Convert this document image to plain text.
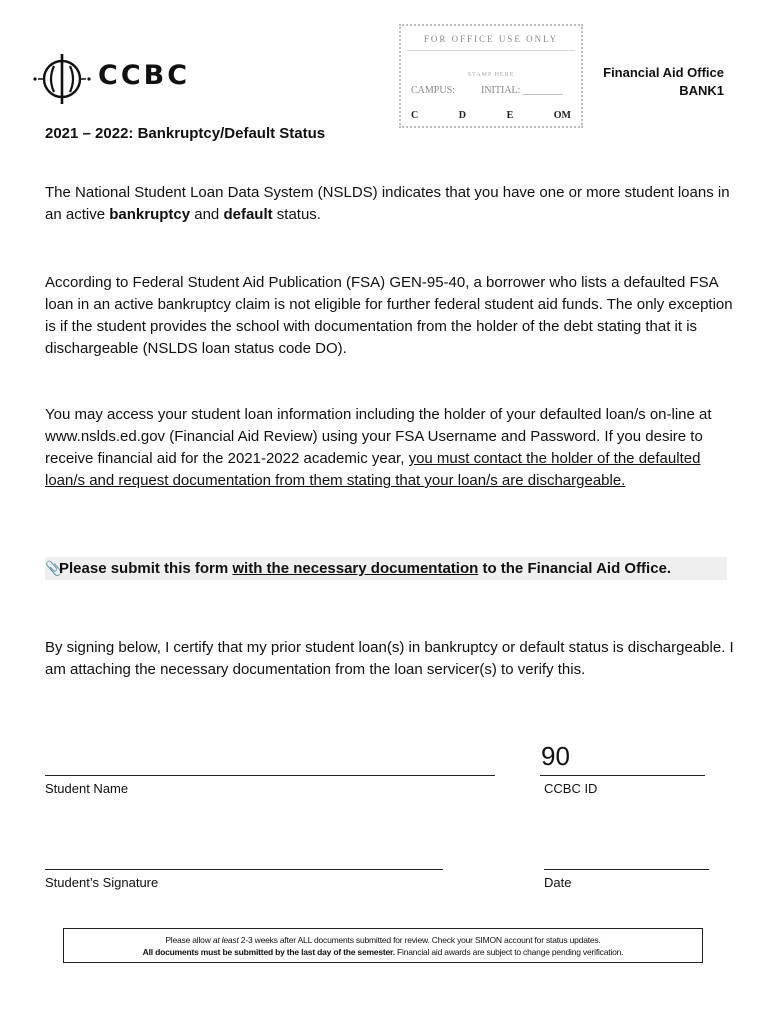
CCBC
FOR OFFICE USE ONLY
STAMP HERE
CAMPUS:	INITIAL: ________
C	D	E	OM
Financial Aid Office
BANK1
2021 – 2022: Bankruptcy/Default Status
The National Student Loan Data System (NSLDS) indicates that you have one or more student loans in an active bankruptcy and default status.
According to Federal Student Aid Publication (FSA) GEN-95-40, a borrower who lists a defaulted FSA loan in an active bankruptcy claim is not eligible for further federal student aid funds. The only exception is if the student provides the school with documentation from the holder of the debt stating that it is dischargeable (NSLDS loan status code DO).
You may access your student loan information including the holder of your defaulted loan/s on-line at www.nslds.ed.gov (Financial Aid Review) using your FSA Username and Password. If you desire to receive financial aid for the 2021-2022 academic year, you must contact the holder of the defaulted loan/s and request documentation from them stating that your loan/s are dischargeable.
📎Please submit this form with the necessary documentation to the Financial Aid Office.
By signing below, I certify that my prior student loan(s) in bankruptcy or default status is dischargeable. I am attaching the necessary documentation from the loan servicer(s) to verify this.
90
Student Name	CCBC ID
Student’s Signature	Date
Please allow at least 2-3 weeks after ALL documents submitted for review. Check your SIMON account for status updates.
All documents must be submitted by the last day of the semester. Financial aid awards are subject to change pending verification.
